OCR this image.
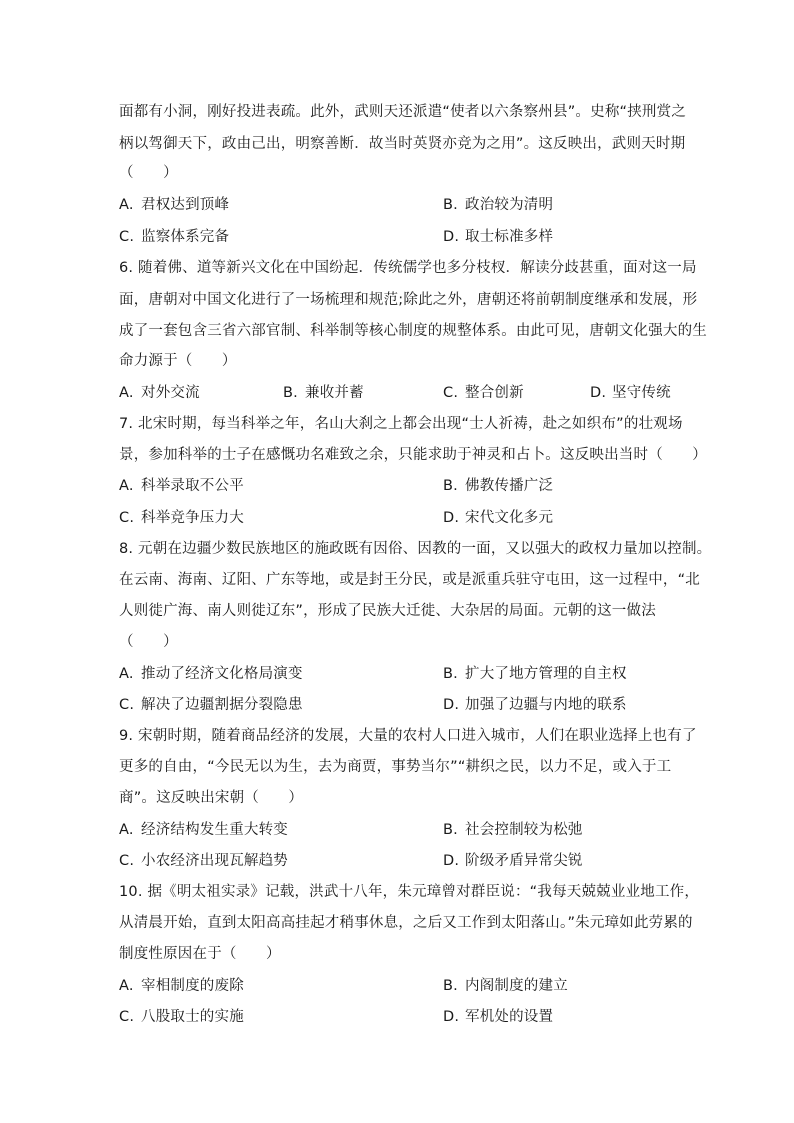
面都有小洞，刚好投进表疏。此外，武则天还派遣“使者以六条察州县”。史称“挟刑赏之
柄以驾御天下，政由己出，明察善断．故当时英贤亦竞为之用”。这反映出，武则天时期
（　　）
A. 君权达到顶峰	B. 政治较为清明
C. 监察体系完备	D. 取士标准多样
6. 随着佛、道等新兴文化在中国纷起．传统儒学也多分枝杈．解读分歧甚重，面对这一局
面，唐朝对中国文化进行了一场梳理和规范;除此之外，唐朝还将前朝制度继承和发展，形
成了一套包含三省六部官制、科举制等核心制度的规整体系。由此可见，唐朝文化强大的生
命力源于（　　）
A. 对外交流	B. 兼收并蓄	C. 整合创新	D. 坚守传统
7. 北宋时期，每当科举之年，名山大刹之上都会出现“士人祈祷，赴之如织布”的壮观场
景，参加科举的士子在感慨功名难致之余，只能求助于神灵和占卜。这反映出当时（　　）
A. 科举录取不公平	B. 佛教传播广泛
C. 科举竞争压力大	D. 宋代文化多元
8. 元朝在边疆少数民族地区的施政既有因俗、因教的一面，又以强大的政权力量加以控制。
在云南、海南、辽阳、广东等地，或是封王分民，或是派重兵驻守屯田，这一过程中，“北
人则徙广海、南人则徙辽东”，形成了民族大迁徙、大杂居的局面。元朝的这一做法
（　　）
A. 推动了经济文化格局演变	B. 扩大了地方管理的自主权
C. 解决了边疆割据分裂隐患	D. 加强了边疆与内地的联系
9. 宋朝时期，随着商品经济的发展，大量的农村人口进入城市，人们在职业选择上也有了
更多的自由，“今民无以为生，去为商贾，事势当尔”“耕织之民，以力不足，或入于工
商”。这反映出宋朝（　　）
A. 经济结构发生重大转变	B. 社会控制较为松弛
C. 小农经济出现瓦解趋势	D. 阶级矛盾异常尖锐
10. 据《明太祖实录》记载，洪武十八年，朱元璋曾对群臣说：“我每天兢兢业业地工作，
从清晨开始，直到太阳高高挂起才稍事休息，之后又工作到太阳落山。”朱元璋如此劳累的
制度性原因在于（　　）
A. 宰相制度的废除	B. 内阁制度的建立
C. 八股取士的实施	D. 军机处的设置
